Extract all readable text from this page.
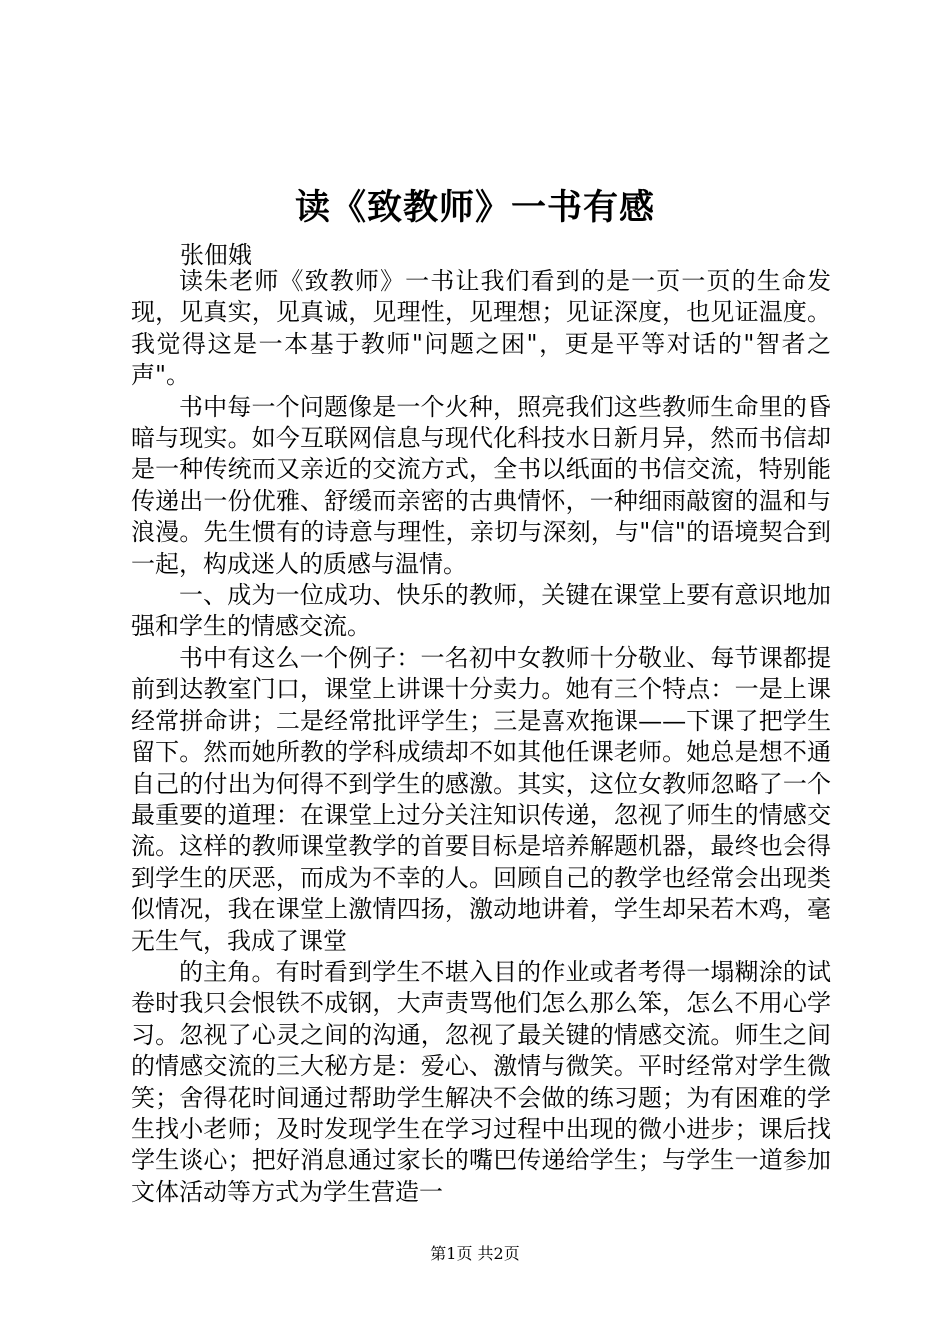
读《致教师》一书有感
张佃娥

读朱老师《致教师》一书让我们看到的是一页一页的生命发现，见真实，见真诚，见理性，见理想；见证深度，也见证温度。我觉得这是一本基于教师"问题之困"，更是平等对话的"智者之声"。

书中每一个问题像是一个火种，照亮我们这些教师生命里的昏暗与现实。如今互联网信息与现代化科技水日新月异，然而书信却是一种传统而又亲近的交流方式，全书以纸面的书信交流，特别能传递出一份优雅、舒缓而亲密的古典情怀，一种细雨敲窗的温和与浪漫。先生惯有的诗意与理性，亲切与深刻，与"信"的语境契合到一起，构成迷人的质感与温情。

一、成为一位成功、快乐的教师，关键在课堂上要有意识地加强和学生的情感交流。

书中有这么一个例子：一名初中女教师十分敬业、每节课都提前到达教室门口，课堂上讲课十分卖力。她有三个特点：一是上课经常拼命讲；二是经常批评学生；三是喜欢拖课——下课了把学生留下。然而她所教的学科成绩却不如其他任课老师。她总是想不通自己的付出为何得不到学生的感激。其实，这位女教师忽略了一个最重要的道理：在课堂上过分关注知识传递，忽视了师生的情感交流。这样的教师课堂教学的首要目标是培养解题机器，最终也会得到学生的厌恶，而成为不幸的人。回顾自己的教学也经常会出现类似情况，我在课堂上激情四扬，激动地讲着，学生却呆若木鸡，毫无生气，我成了课堂

的主角。有时看到学生不堪入目的作业或者考得一塌糊涂的试卷时我只会恨铁不成钢，大声责骂他们怎么那么笨，怎么不用心学习。忽视了心灵之间的沟通，忽视了最关键的情感交流。师生之间的情感交流的三大秘方是：爱心、激情与微笑。平时经常对学生微笑；舍得花时间通过帮助学生解决不会做的练习题；为有困难的学生找小老师；及时发现学生在学习过程中出现的微小进步；课后找学生谈心；把好消息通过家长的嘴巴传递给学生；与学生一道参加文体活动等方式为学生营造一

第1页 共2页
